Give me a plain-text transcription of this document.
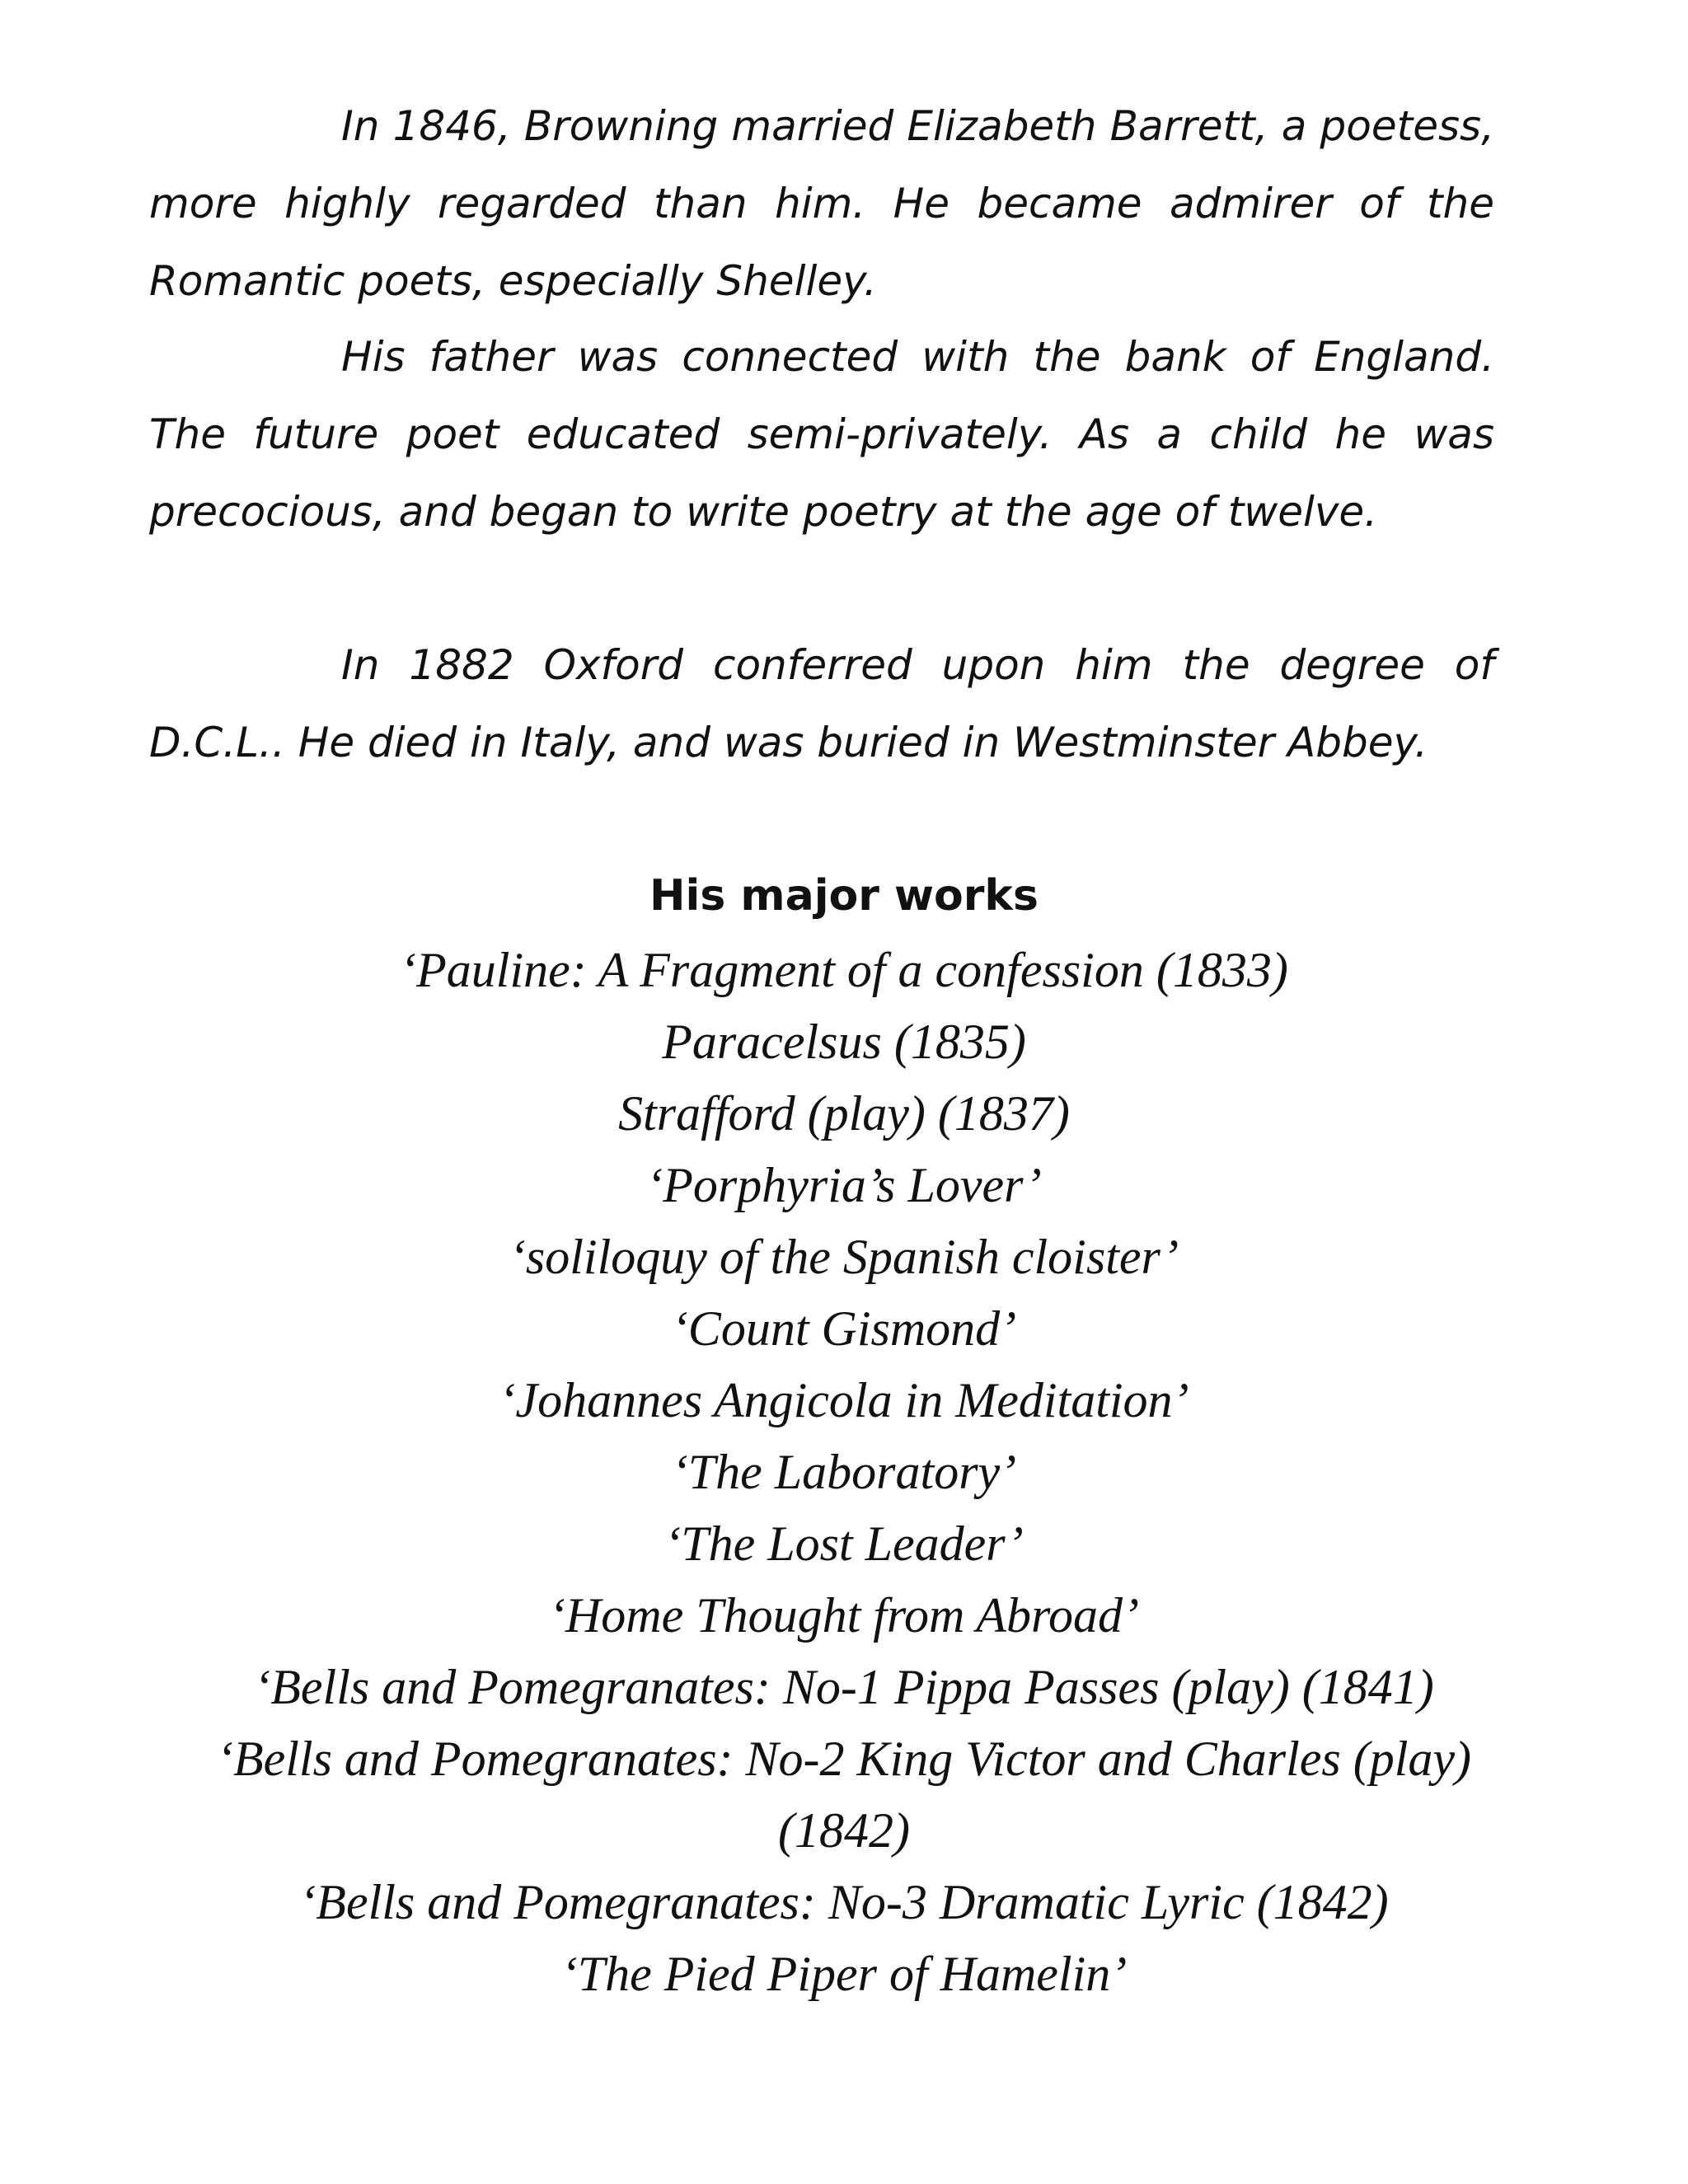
In 1846, Browning married Elizabeth Barrett, a poetess, more highly regarded than him. He became admirer of the Romantic poets, especially Shelley.

His father was connected with the bank of England. The future poet educated semi-privately. As a child he was precocious, and began to write poetry at the age of twelve.

In 1882 Oxford conferred upon him the degree of D.C.L.. He died in Italy, and was buried in Westminster Abbey.

His major works
‘Pauline: A Fragment of a confession (1833)
Paracelsus (1835)
Strafford (play) (1837)
‘Porphyria’s Lover’
‘soliloquy of the Spanish cloister’
‘Count Gismond’
‘Johannes Angicola in Meditation’
‘The Laboratory’
‘The Lost Leader’
‘Home Thought from Abroad’
‘Bells and Pomegranates: No-1 Pippa Passes (play) (1841)
‘Bells and Pomegranates: No-2 King Victor and Charles (play)(1842)
‘Bells and Pomegranates: No-3 Dramatic Lyric (1842)
‘The Pied Piper of Hamelin’
